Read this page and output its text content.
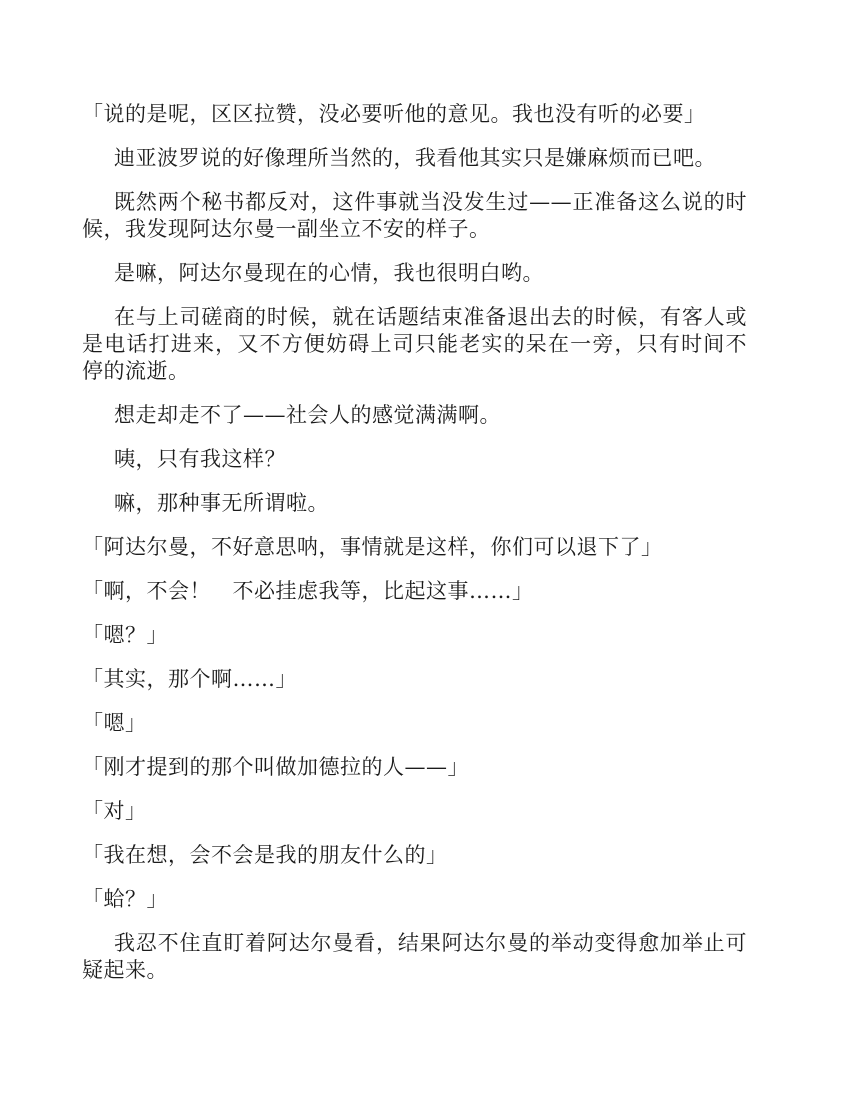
「说的是呢，区区拉赞，没必要听他的意见。我也没有听的必要」

迪亚波罗说的好像理所当然的，我看他其实只是嫌麻烦而已吧。

既然两个秘书都反对，这件事就当没发生过——正准备这么说的时候，我发现阿达尔曼一副坐立不安的样子。

是嘛，阿达尔曼现在的心情，我也很明白哟。

在与上司磋商的时候，就在话题结束准备退出去的时候，有客人或是电话打进来，又不方便妨碍上司只能老实的呆在一旁，只有时间不停的流逝。

想走却走不了——社会人的感觉满满啊。

咦，只有我这样？

嘛，那种事无所谓啦。

「阿达尔曼，不好意思呐，事情就是这样，你们可以退下了」

「啊，不会！　不必挂虑我等，比起这事……」

「嗯？」

「其实，那个啊……」

「嗯」

「刚才提到的那个叫做加德拉的人——」

「对」

「我在想，会不会是我的朋友什么的」

「蛤？」

我忍不住直盯着阿达尔曼看，结果阿达尔曼的举动变得愈加举止可疑起来。
